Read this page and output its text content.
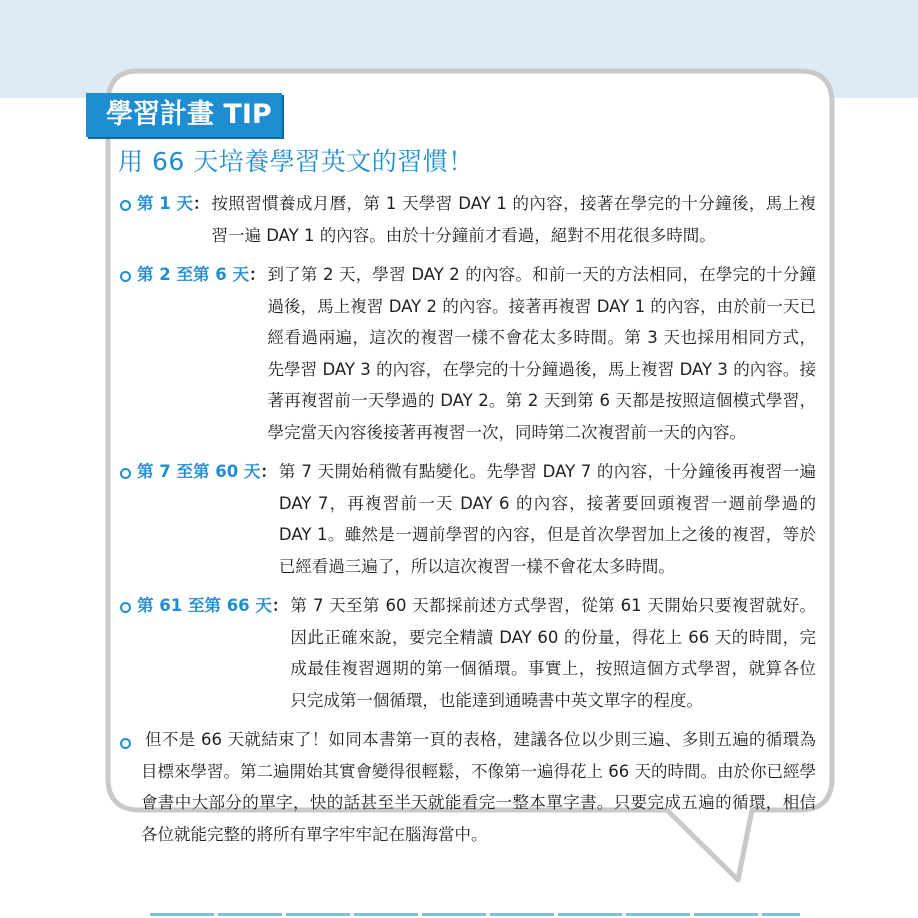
學習計畫 TIP
用 66 天培養學習英文的習慣！
第 1 天 ： 按照習慣養成月曆，第 1 天學習 DAY 1 的內容，接著在學完的十分鐘後，馬上複習一遍 DAY 1 的內容。由於十分鐘前才看過，絕對不用花很多時間。
第 2 至第 6 天 ： 到了第 2 天，學習 DAY 2 的內容。和前一天的方法相同，在學完的十分鐘過後，馬上複習 DAY 2 的內容。接著再複習 DAY 1 的內容，由於前一天已經看過兩遍，這次的複習一樣不會花太多時間。第 3 天也採用相同方式，先學習 DAY 3 的內容，在學完的十分鐘過後，馬上複習 DAY 3 的內容。接著再複習前一天學過的 DAY 2。第 2 天到第 6 天都是按照這個模式學習，學完當天內容後接著再複習一次，同時第二次複習前一天的內容。
第 7 至第 60 天 ： 第 7 天開始稍微有點變化。先學習 DAY 7 的內容，十分鐘後再複習一遍 DAY 7，再複習前一天 DAY 6 的內容，接著要回頭複習一週前學過的 DAY 1。雖然是一週前學習的內容，但是首次學習加上之後的複習，等於已經看過三遍了，所以這次複習一樣不會花太多時間。
第 61 至第 66 天 ： 第 7 天至第 60 天都採前述方式學習，從第 61 天開始只要複習就好。因此正確來說，要完全精讀 DAY 60 的份量，得花上 66 天的時間，完成最佳複習週期的第一個循環。事實上，按照這個方式學習，就算各位只完成第一個循環，也能達到通曉書中英文單字的程度。
但不是 66 天就結束了！如同本書第一頁的表格，建議各位以少則三遍、多則五遍的循環為目標來學習。第二遍開始其實會變得很輕鬆，不像第一遍得花上 66 天的時間。由於你已經學會書中大部分的單字，快的話甚至半天就能看完一整本單字書。只要完成五遍的循環，相信各位就能完整的將所有單字牢牢記在腦海當中。
